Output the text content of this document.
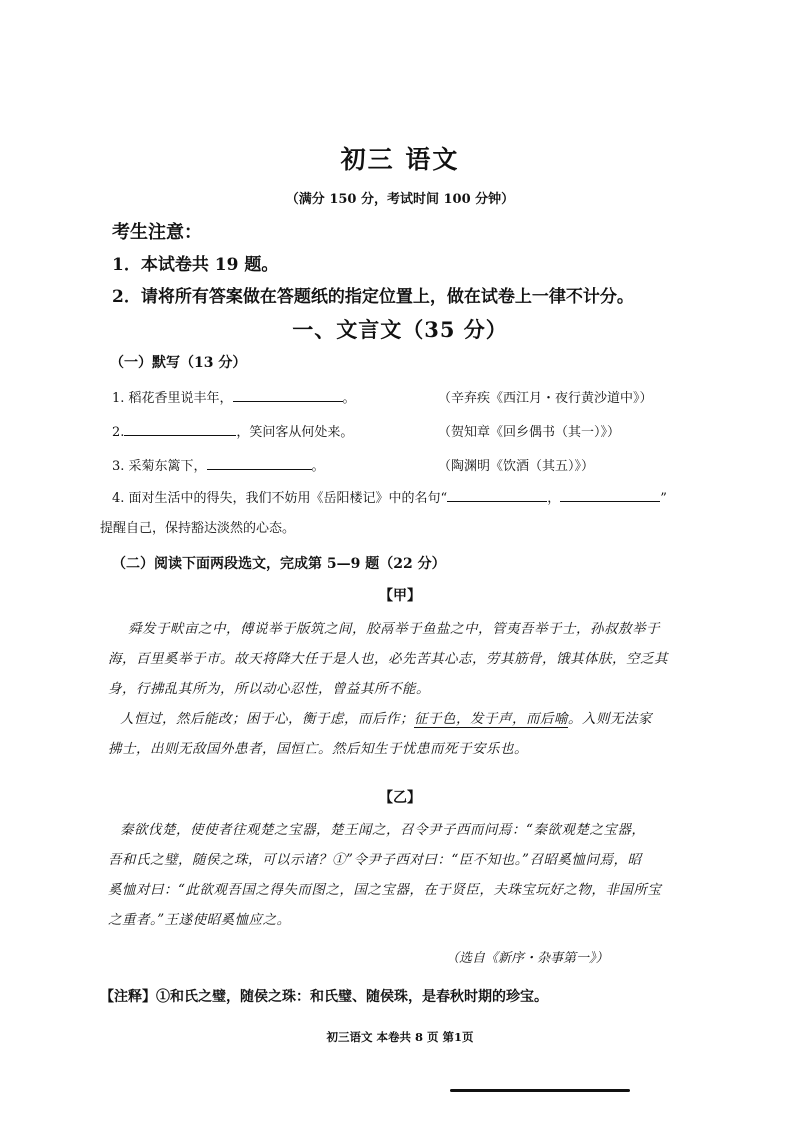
初三 语文
（满分 150 分，考试时间 100 分钟）
考生注意：
1．本试卷共 19 题。
2．请将所有答案做在答题纸的指定位置上，做在试卷上一律不计分。
一、文言文（35 分）
（一）默写（13 分）
1. 稻花香里说丰年，	。	（辛弃疾《西江月・夜行黄沙道中》）
2.	，笑问客从何处来。	（贺知章《回乡偶书（其一）》）
3. 采菊东篱下，	。	（陶渊明《饮酒（其五）》）
4. 面对生活中的得失，我们不妨用《岳阳楼记》中的名句“	，	”
提醒自己，保持豁达淡然的心态。
（二）阅读下面两段选文，完成第 5—9 题（22 分）
【甲】
舜发于畎亩之中，傅说举于版筑之间，胶鬲举于鱼盐之中，管夷吾举于士，孙叔敖举于
海，百里奚举于市。故天将降大任于是人也，必先苦其心志，劳其筋骨，饿其体肤，空乏其
身，行拂乱其所为，所以动心忍性，曾益其所不能。
人恒过，然后能改；困于心，衡于虑，而后作；征于色，发于声，而后喻。入则无法家
拂士，出则无敌国外患者，国恒亡。然后知生于忧患而死于安乐也。
【乙】
秦欲伐楚，使使者往观楚之宝器，楚王闻之，召令尹子西而问焉：“秦欲观楚之宝器，
吾和氏之璧，随侯之珠，可以示诸？①”令尹子西对曰：“臣不知也。”召昭奚恤问焉，昭
奚恤对曰：“此欲观吾国之得失而图之，国之宝器，在于贤臣，夫珠宝玩好之物，非国所宝
之重者。”王遂使昭奚恤应之。
（选自《新序・杂事第一》）
【注释】①和氏之璧，随侯之珠：和氏璧、随侯珠，是春秋时期的珍宝。
初三语文 本卷共 8 页 第1页
